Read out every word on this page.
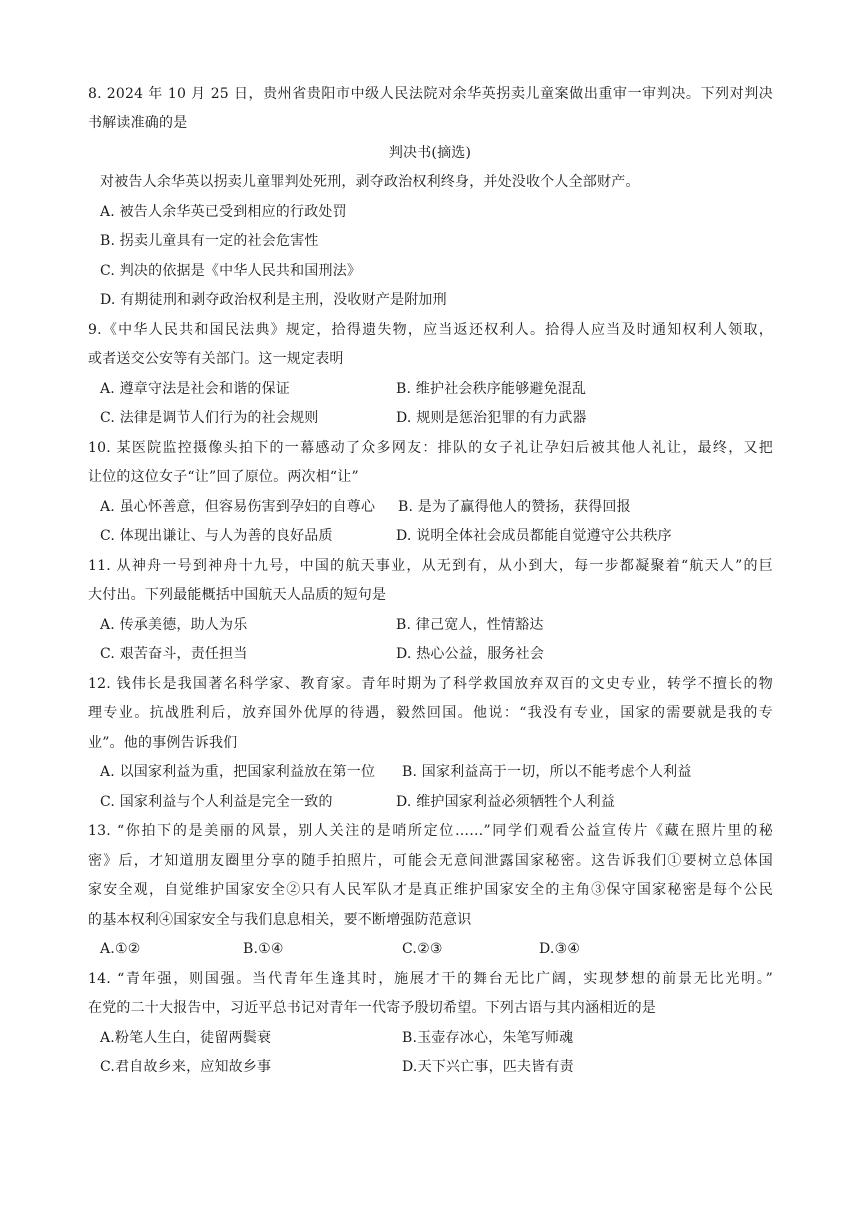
8. 2024 年 10 月 25 日，贵州省贵阳市中级人民法院对余华英拐卖儿童案做出重审一审判决。下列对判决
书解读准确的是
判决书(摘选)
对被告人余华英以拐卖儿童罪判处死刑，剥夺政治权利终身，并处没收个人全部财产。
A. 被告人余华英已受到相应的行政处罚
B. 拐卖儿童具有一定的社会危害性
C. 判决的依据是《中华人民共和国刑法》
D. 有期徒刑和剥夺政治权利是主刑，没收财产是附加刑
9.《中华人民共和国民法典》规定，拾得遗失物，应当返还权利人。拾得人应当及时通知权利人领取，
或者送交公安等有关部门。这一规定表明
A. 遵章守法是社会和谐的保证	B. 维护社会秩序能够避免混乱
C. 法律是调节人们行为的社会规则	D. 规则是惩治犯罪的有力武器
10. 某医院监控摄像头拍下的一幕感动了众多网友：排队的女子礼让孕妇后被其他人礼让，最终，又把
让位的这位女子“让”回了原位。两次相“让”
A. 虽心怀善意，但容易伤害到孕妇的自尊心 B. 是为了赢得他人的赞扬，获得回报
C. 体现出谦让、与人为善的良好品质	D. 说明全体社会成员都能自觉遵守公共秩序
11. 从神舟一号到神舟十九号，中国的航天事业，从无到有，从小到大，每一步都凝聚着“航天人”的巨
大付出。下列最能概括中国航天人品质的短句是
A. 传承美德，助人为乐	B. 律己宽人，性情豁达
C. 艰苦奋斗，责任担当	D. 热心公益，服务社会
12. 钱伟长是我国著名科学家、教育家。青年时期为了科学救国放弃双百的文史专业，转学不擅长的物
理专业。抗战胜利后，放弃国外优厚的待遇，毅然回国。他说：“我没有专业，国家的需要就是我的专
业”。他的事例告诉我们
A. 以国家利益为重，把国家利益放在第一位 B. 国家利益高于一切，所以不能考虑个人利益
C. 国家利益与个人利益是完全一致的	D. 维护国家利益必须牺牲个人利益
13. “你拍下的是美丽的风景，别人关注的是哨所定位……”同学们观看公益宣传片《藏在照片里的秘
密》后，才知道朋友圈里分享的随手拍照片，可能会无意间泄露国家秘密。这告诉我们①要树立总体国
家安全观，自觉维护国家安全②只有人民军队才是真正维护国家安全的主角③保守国家秘密是每个公民
的基本权利④国家安全与我们息息相关，要不断增强防范意识
A.①②	B.①④	C.②③	D.③④
14. “青年强，则国强。当代青年生逢其时，施展才干的舞台无比广阔，实现梦想的前景无比光明。”
在党的二十大报告中，习近平总书记对青年一代寄予殷切希望。下列古语与其内涵相近的是
A.粉笔人生白，徒留两鬓衰	B.玉壶存冰心，朱笔写师魂
C.君自故乡来，应知故乡事	D.天下兴亡事，匹夫皆有责
